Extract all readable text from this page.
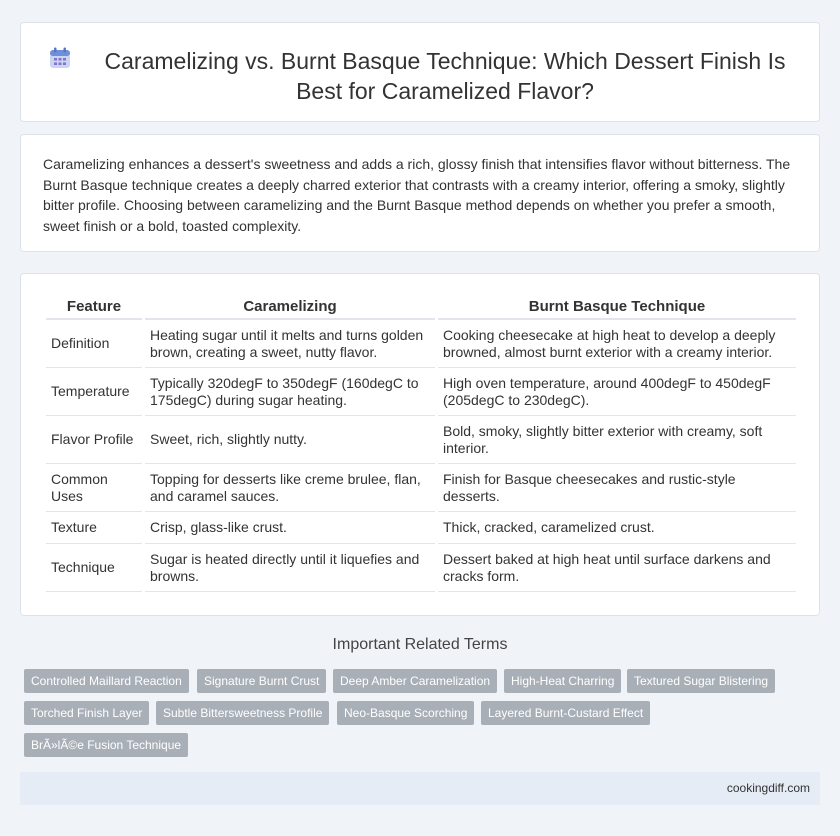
Caramelizing vs. Burnt Basque Technique: Which Dessert Finish Is Best for Caramelized Flavor?

Caramelizing enhances a dessert's sweetness and adds a rich, glossy finish that intensifies flavor without bitterness. The Burnt Basque technique creates a deeply charred exterior that contrasts with a creamy interior, offering a smoky, slightly bitter profile. Choosing between caramelizing and the Burnt Basque method depends on whether you prefer a smooth, sweet finish or a bold, toasted complexity.

Feature	Caramelizing	Burnt Basque Technique
Definition	Heating sugar until it melts and turns golden brown, creating a sweet, nutty flavor.	Cooking cheesecake at high heat to develop a deeply browned, almost burnt exterior with a creamy interior.
Temperature	Typically 320degF to 350degF (160degC to 175degC) during sugar heating.	High oven temperature, around 400degF to 450degF (205degC to 230degC).
Flavor Profile	Sweet, rich, slightly nutty.	Bold, smoky, slightly bitter exterior with creamy, soft interior.
Common Uses	Topping for desserts like creme brulee, flan, and caramel sauces.	Finish for Basque cheesecakes and rustic-style desserts.
Texture	Crisp, glass-like crust.	Thick, cracked, caramelized crust.
Technique	Sugar is heated directly until it liquefies and browns.	Dessert baked at high heat until surface darkens and cracks form.
Important Related Terms
Controlled Maillard Reaction	Signature Burnt Crust	Deep Amber Caramelization	High-Heat Charring	Textured Sugar Blistering
Torched Finish Layer	Subtle Bittersweetness Profile	Neo-Basque Scorching	Layered Burnt-Custard Effect
BrÃ»lÃ©e Fusion Technique
cookingdiff.com
